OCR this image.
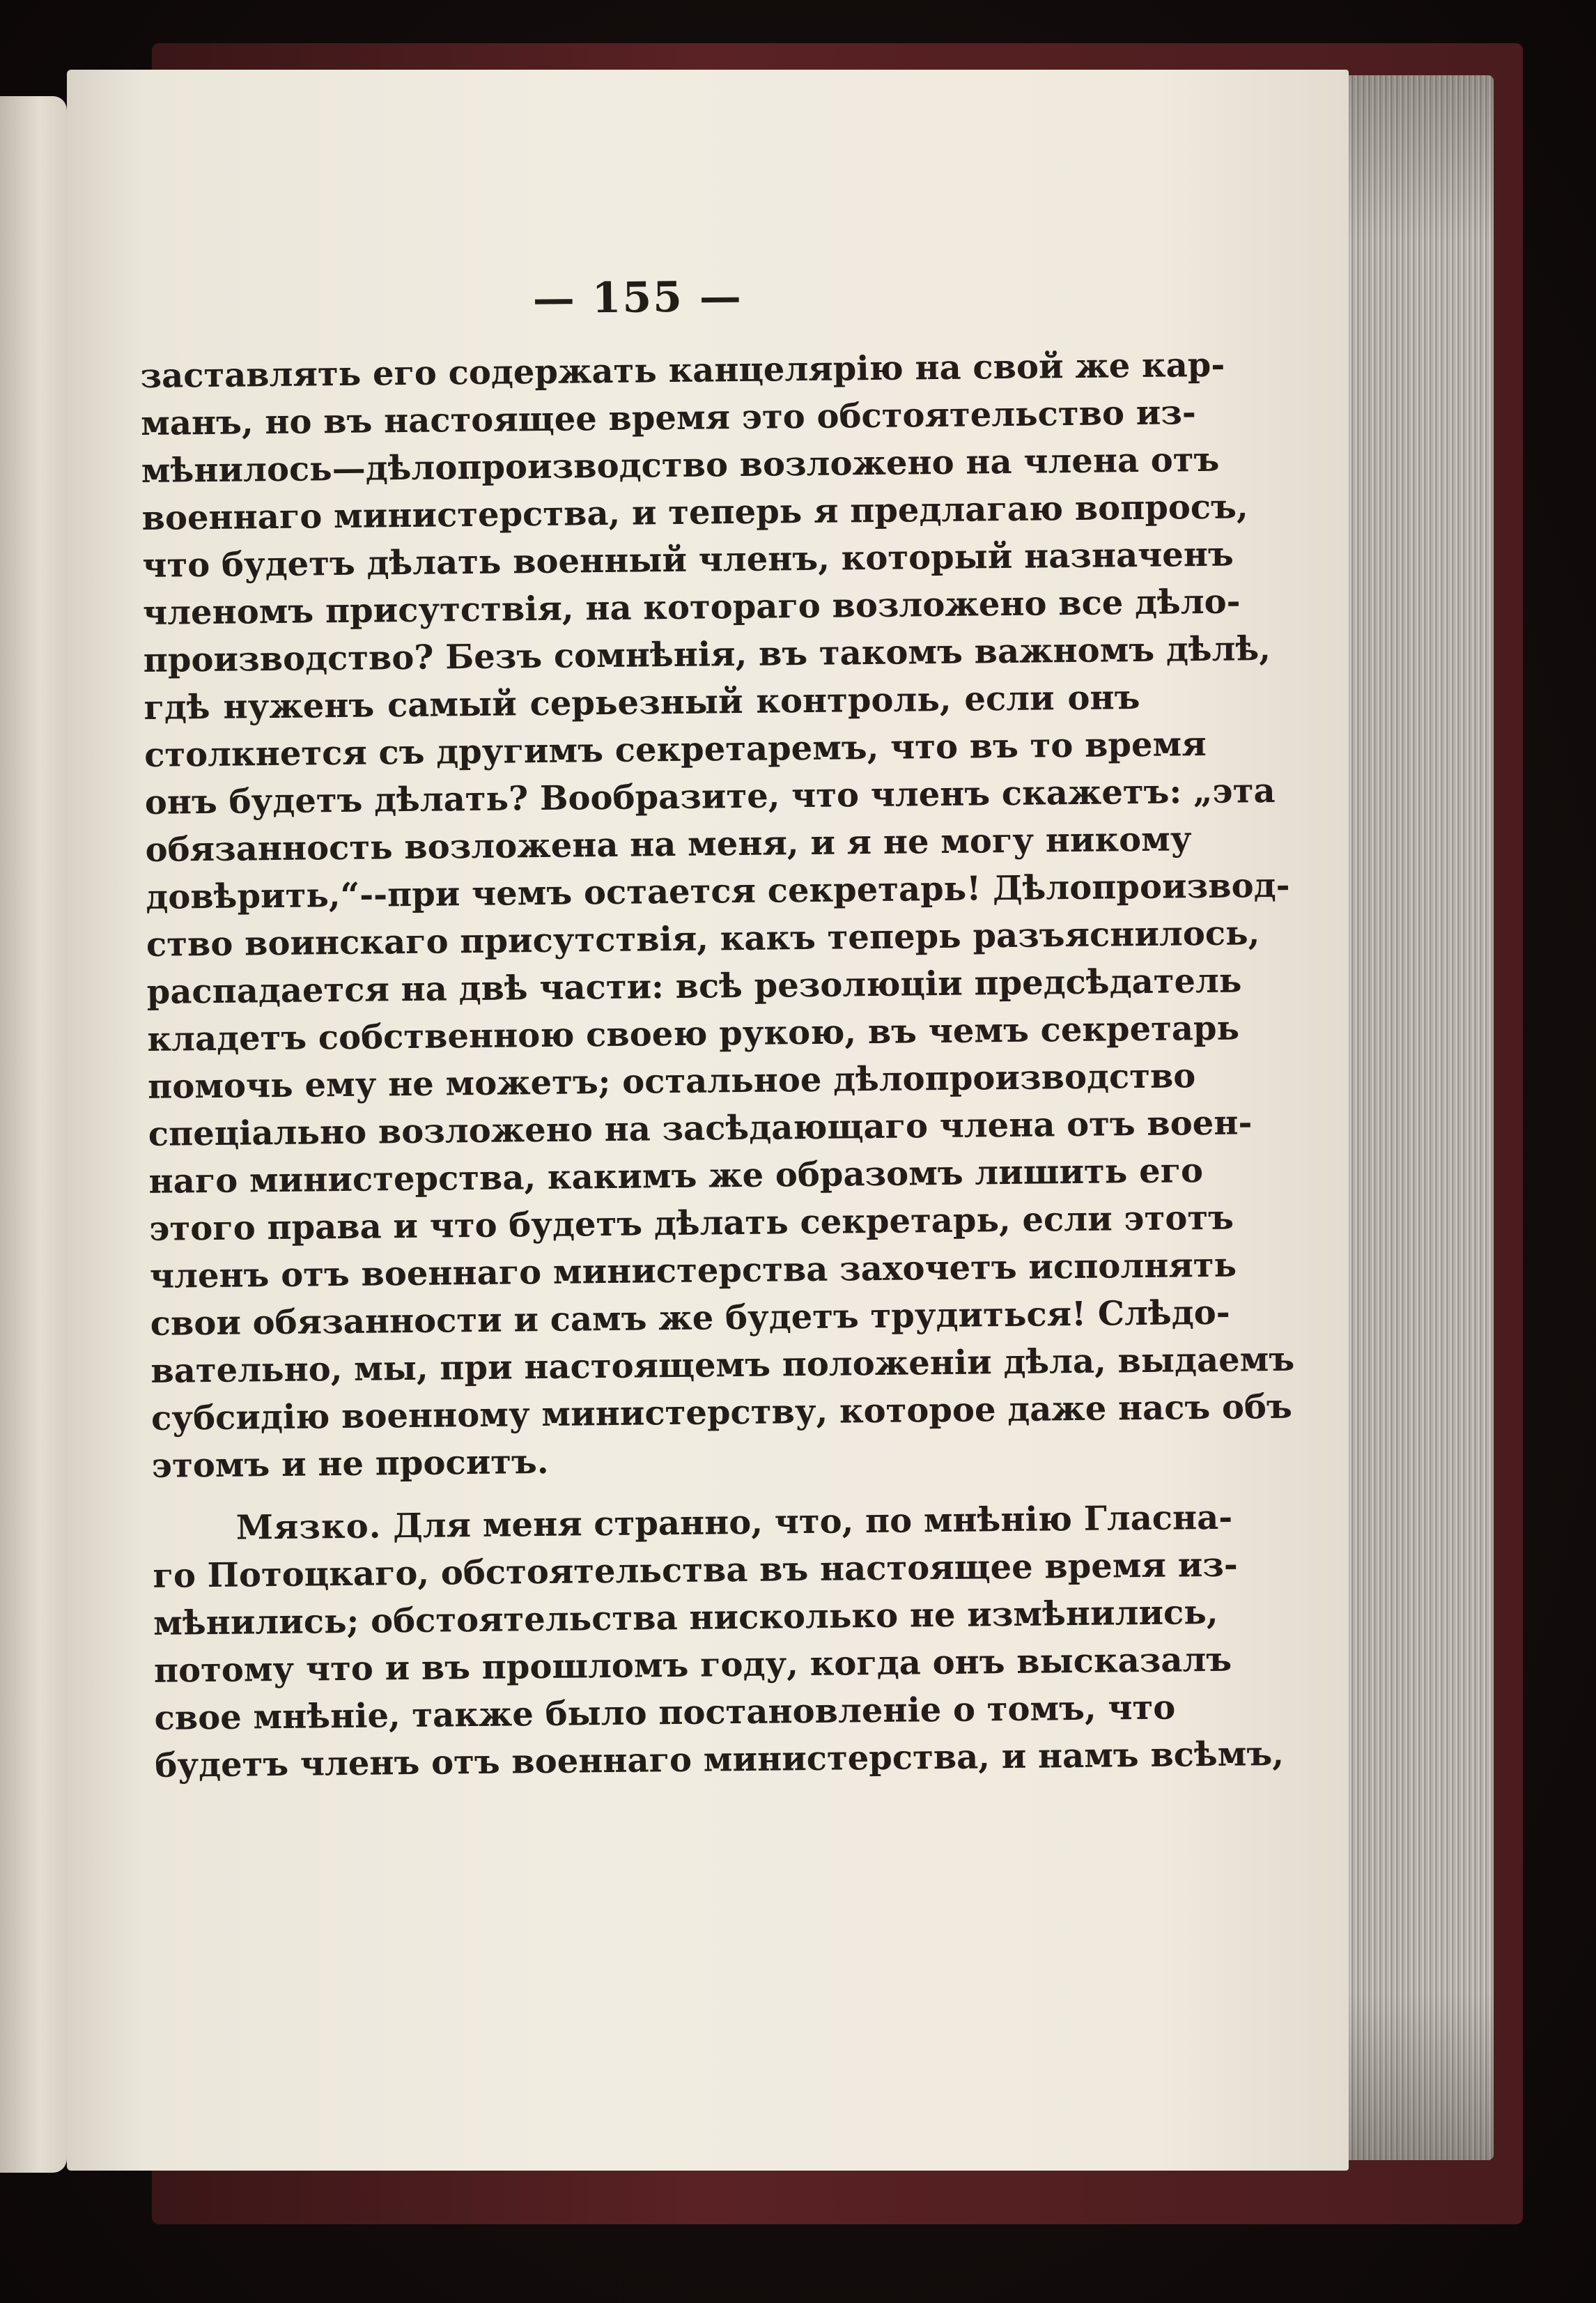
— 155 —
заставлять его содержать канцелярію на свой же кар-
манъ, но въ настоящее время это обстоятельство из-
мѣнилось—дѣлопроизводство возложено на члена отъ
военнаго министерства, и теперь я предлагаю вопросъ,
что будетъ дѣлать военный членъ, который назначенъ
членомъ присутствія, на котораго возложено все дѣло-
производство? Безъ сомнѣнія, въ такомъ важномъ дѣлѣ,
гдѣ нуженъ самый серьезный контроль, если онъ
столкнется съ другимъ секретаремъ, что въ то время
онъ будетъ дѣлать? Вообразите, что членъ скажетъ: „эта
обязанность возложена на меня, и я не могу никому
довѣрить,“--при чемъ остается секретарь! Дѣлопроизвод-
ство воинскаго присутствія, какъ теперь разъяснилось,
распадается на двѣ части: всѣ резолюціи предсѣдатель
кладетъ собственною своею рукою, въ чемъ секретарь
помочь ему не можетъ; остальное дѣлопроизводство
спеціально возложено на засѣдающаго члена отъ воен-
наго министерства, какимъ же образомъ лишить его
этого права и что будетъ дѣлать секретарь, если этотъ
членъ отъ военнаго министерства захочетъ исполнять
свои обязанности и самъ же будетъ трудиться! Слѣдо-
вательно, мы, при настоящемъ положеніи дѣла, выдаемъ
субсидію военному министерству, которое даже насъ объ
этомъ и не проситъ.
Мязко. Для меня странно, что, по мнѣнію Гласна-
го Потоцкаго, обстоятельства въ настоящее время из-
мѣнились; обстоятельства нисколько не измѣнились,
потому что и въ прошломъ году, когда онъ высказалъ
свое мнѣніе, также было постановленіе о томъ, что
будетъ членъ отъ военнаго министерства, и намъ всѣмъ,
